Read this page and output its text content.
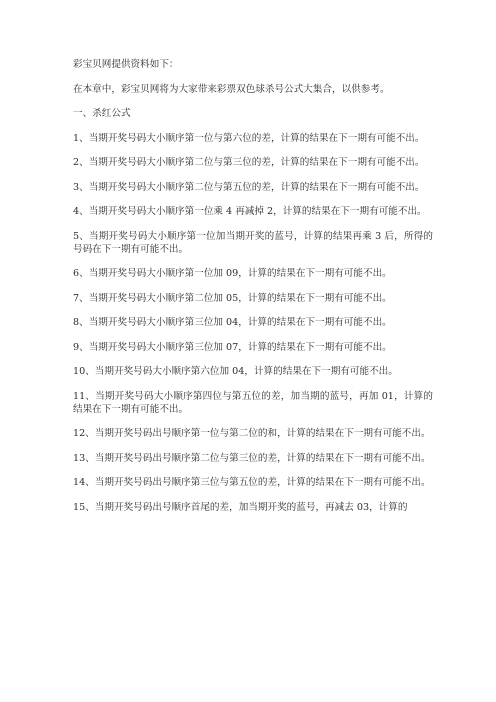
彩宝贝网提供资料如下：

在本章中，彩宝贝网将为大家带来彩票双色球杀号公式大集合，以供参考。

一、杀红公式

1、当期开奖号码大小顺序第一位与第六位的差，计算的结果在下一期有可能不出。

2、当期开奖号码大小顺序第二位与第三位的差，计算的结果在下一期有可能不出。

3、当期开奖号码大小顺序第二位与第五位的差，计算的结果在下一期有可能不出。

4、当期开奖号码大小顺序第一位乘 4 再减掉 2，计算的结果在下一期有可能不出。

5、当期开奖号码大小顺序第一位加当期开奖的蓝号，计算的结果再乘 3 后，所得的号码在下一期有可能不出。

6、当期开奖号码大小顺序第一位加 09，计算的结果在下一期有可能不出。

7、当期开奖号码大小顺序第二位加 05，计算的结果在下一期有可能不出。

8、当期开奖号码大小顺序第三位加 04，计算的结果在下一期有可能不出。

9、当期开奖号码大小顺序第三位加 07，计算的结果在下一期有可能不出。

10、当期开奖号码大小顺序第六位加 04，计算的结果在下一期有可能不出。

11、当期开奖号码大小顺序第四位与第五位的差，加当期的蓝号，再加 01，计算的结果在下一期有可能不出。

12、当期开奖号码出号顺序第一位与第二位的和，计算的结果在下一期有可能不出。

13、当期开奖号码出号顺序第二位与第三位的差，计算的结果在下一期有可能不出。

14、当期开奖号码出号顺序第三位与第五位的差，计算的结果在下一期有可能不出。

15、当期开奖号码出号顺序首尾的差，加当期开奖的蓝号，再减去 03，计算的
